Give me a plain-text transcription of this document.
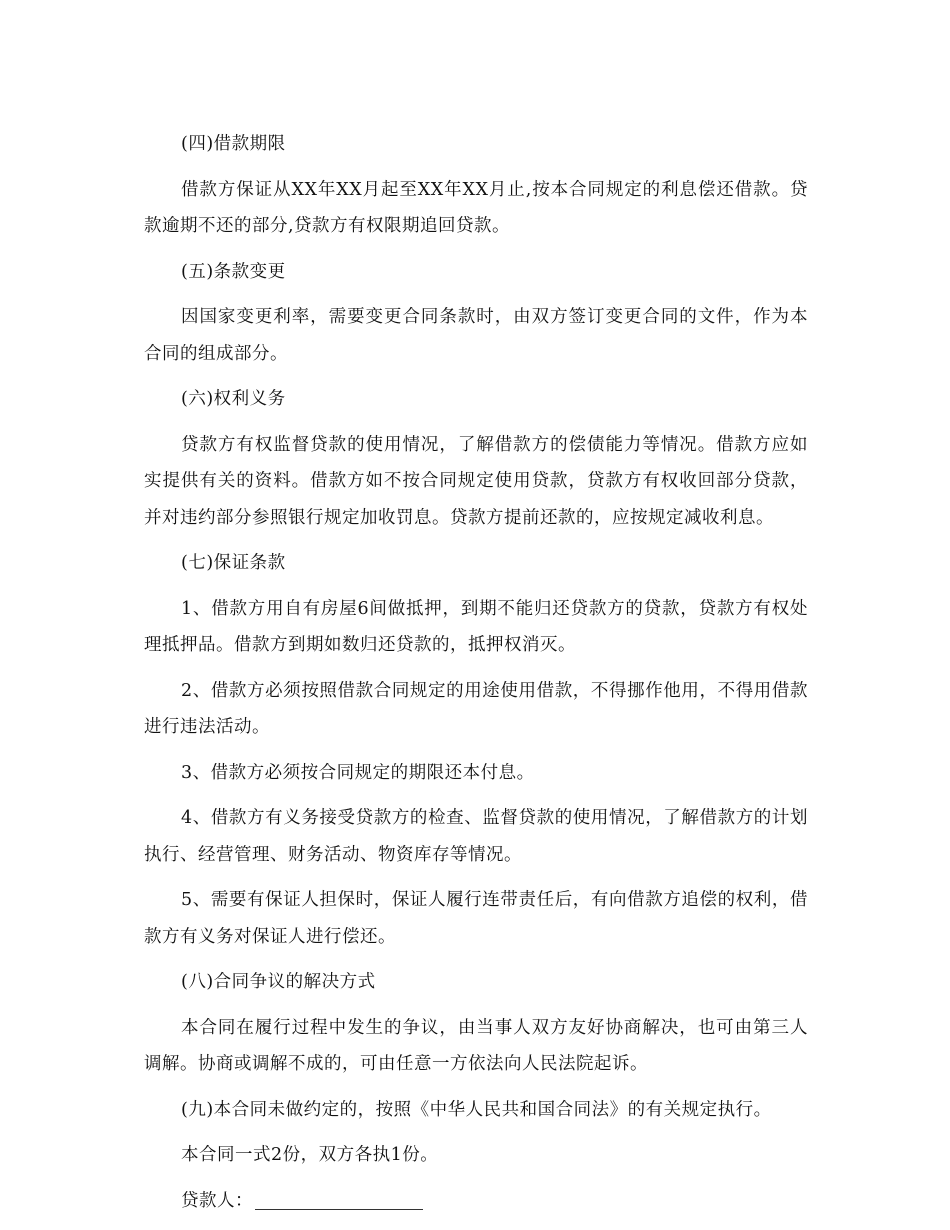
(四)借款期限

借款方保证从XX年XX月起至XX年XX月止,按本合同规定的利息偿还借款。贷款逾期不还的部分,贷款方有权限期追回贷款。

(五)条款变更

因国家变更利率，需要变更合同条款时，由双方签订变更合同的文件，作为本合同的组成部分。

(六)权利义务

贷款方有权监督贷款的使用情况，了解借款方的偿债能力等情况。借款方应如实提供有关的资料。借款方如不按合同规定使用贷款，贷款方有权收回部分贷款，并对违约部分参照银行规定加收罚息。贷款方提前还款的，应按规定减收利息。

(七)保证条款

1、借款方用自有房屋6间做抵押，到期不能归还贷款方的贷款，贷款方有权处理抵押品。借款方到期如数归还贷款的，抵押权消灭。

2、借款方必须按照借款合同规定的用途使用借款，不得挪作他用，不得用借款进行违法活动。

3、借款方必须按合同规定的期限还本付息。

4、借款方有义务接受贷款方的检查、监督贷款的使用情况，了解借款方的计划执行、经营管理、财务活动、物资库存等情况。

5、需要有保证人担保时，保证人履行连带责任后，有向借款方追偿的权利，借款方有义务对保证人进行偿还。

(八)合同争议的解决方式

本合同在履行过程中发生的争议，由当事人双方友好协商解决，也可由第三人调解。协商或调解不成的，可由任意一方依法向人民法院起诉。

(九)本合同未做约定的，按照《中华人民共和国合同法》的有关规定执行。

本合同一式2份，双方各执1份。

贷款人：
